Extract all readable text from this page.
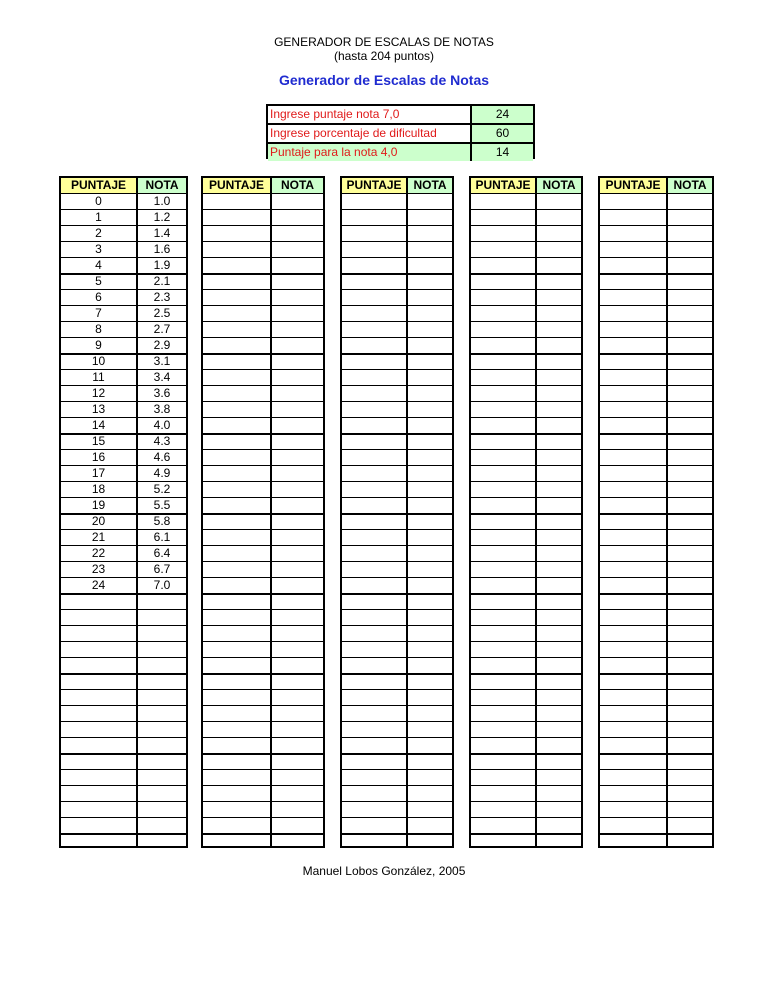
GENERADOR DE ESCALAS DE NOTAS
(hasta 204 puntos)
Generador de Escalas de Notas
Ingrese puntaje nota 7,0	24
Ingrese porcentaje de dificultad	60
Puntaje para la nota 4,0	14
PUNTAJE	NOTA
0	1.0
1	1.2
2	1.4
3	1.6
4	1.9
5	2.1
6	2.3
7	2.5
8	2.7
9	2.9
10	3.1
11	3.4
12	3.6
13	3.8
14	4.0
15	4.3
16	4.6
17	4.9
18	5.2
19	5.5
20	5.8
21	6.1
22	6.4
23	6.7
24	7.0
PUNTAJE	NOTA	PUNTAJE NOTA	PUNTAJE NOTA	PUNTAJE	NOTA
Manuel Lobos González, 2005
